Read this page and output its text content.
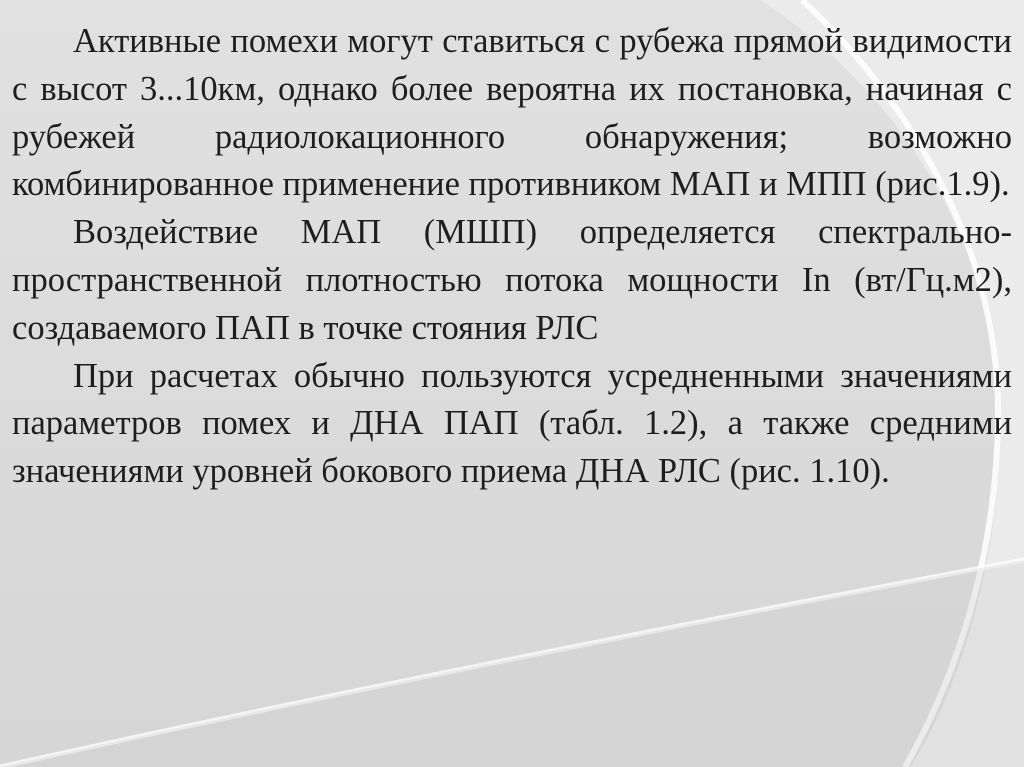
Активные помехи могут ставиться с рубежа прямой видимости с высот 3...10км, однако более вероятна их постановка, начиная с рубежей радиолокационного обнаружения; возможно комбинированное применение противником МАП и МПП (рис.1.9).

Воздействие МАП (МШП) определяется спектрально-пространственной плотностью потока мощности In (вт/Гц.м2), создаваемого ПАП в точке стояния РЛС

При расчетах обычно пользуются усредненными значениями параметров помех и ДНА ПАП (табл. 1.2), а также средними значениями уровней бокового приема ДНА РЛС (рис. 1.10).
